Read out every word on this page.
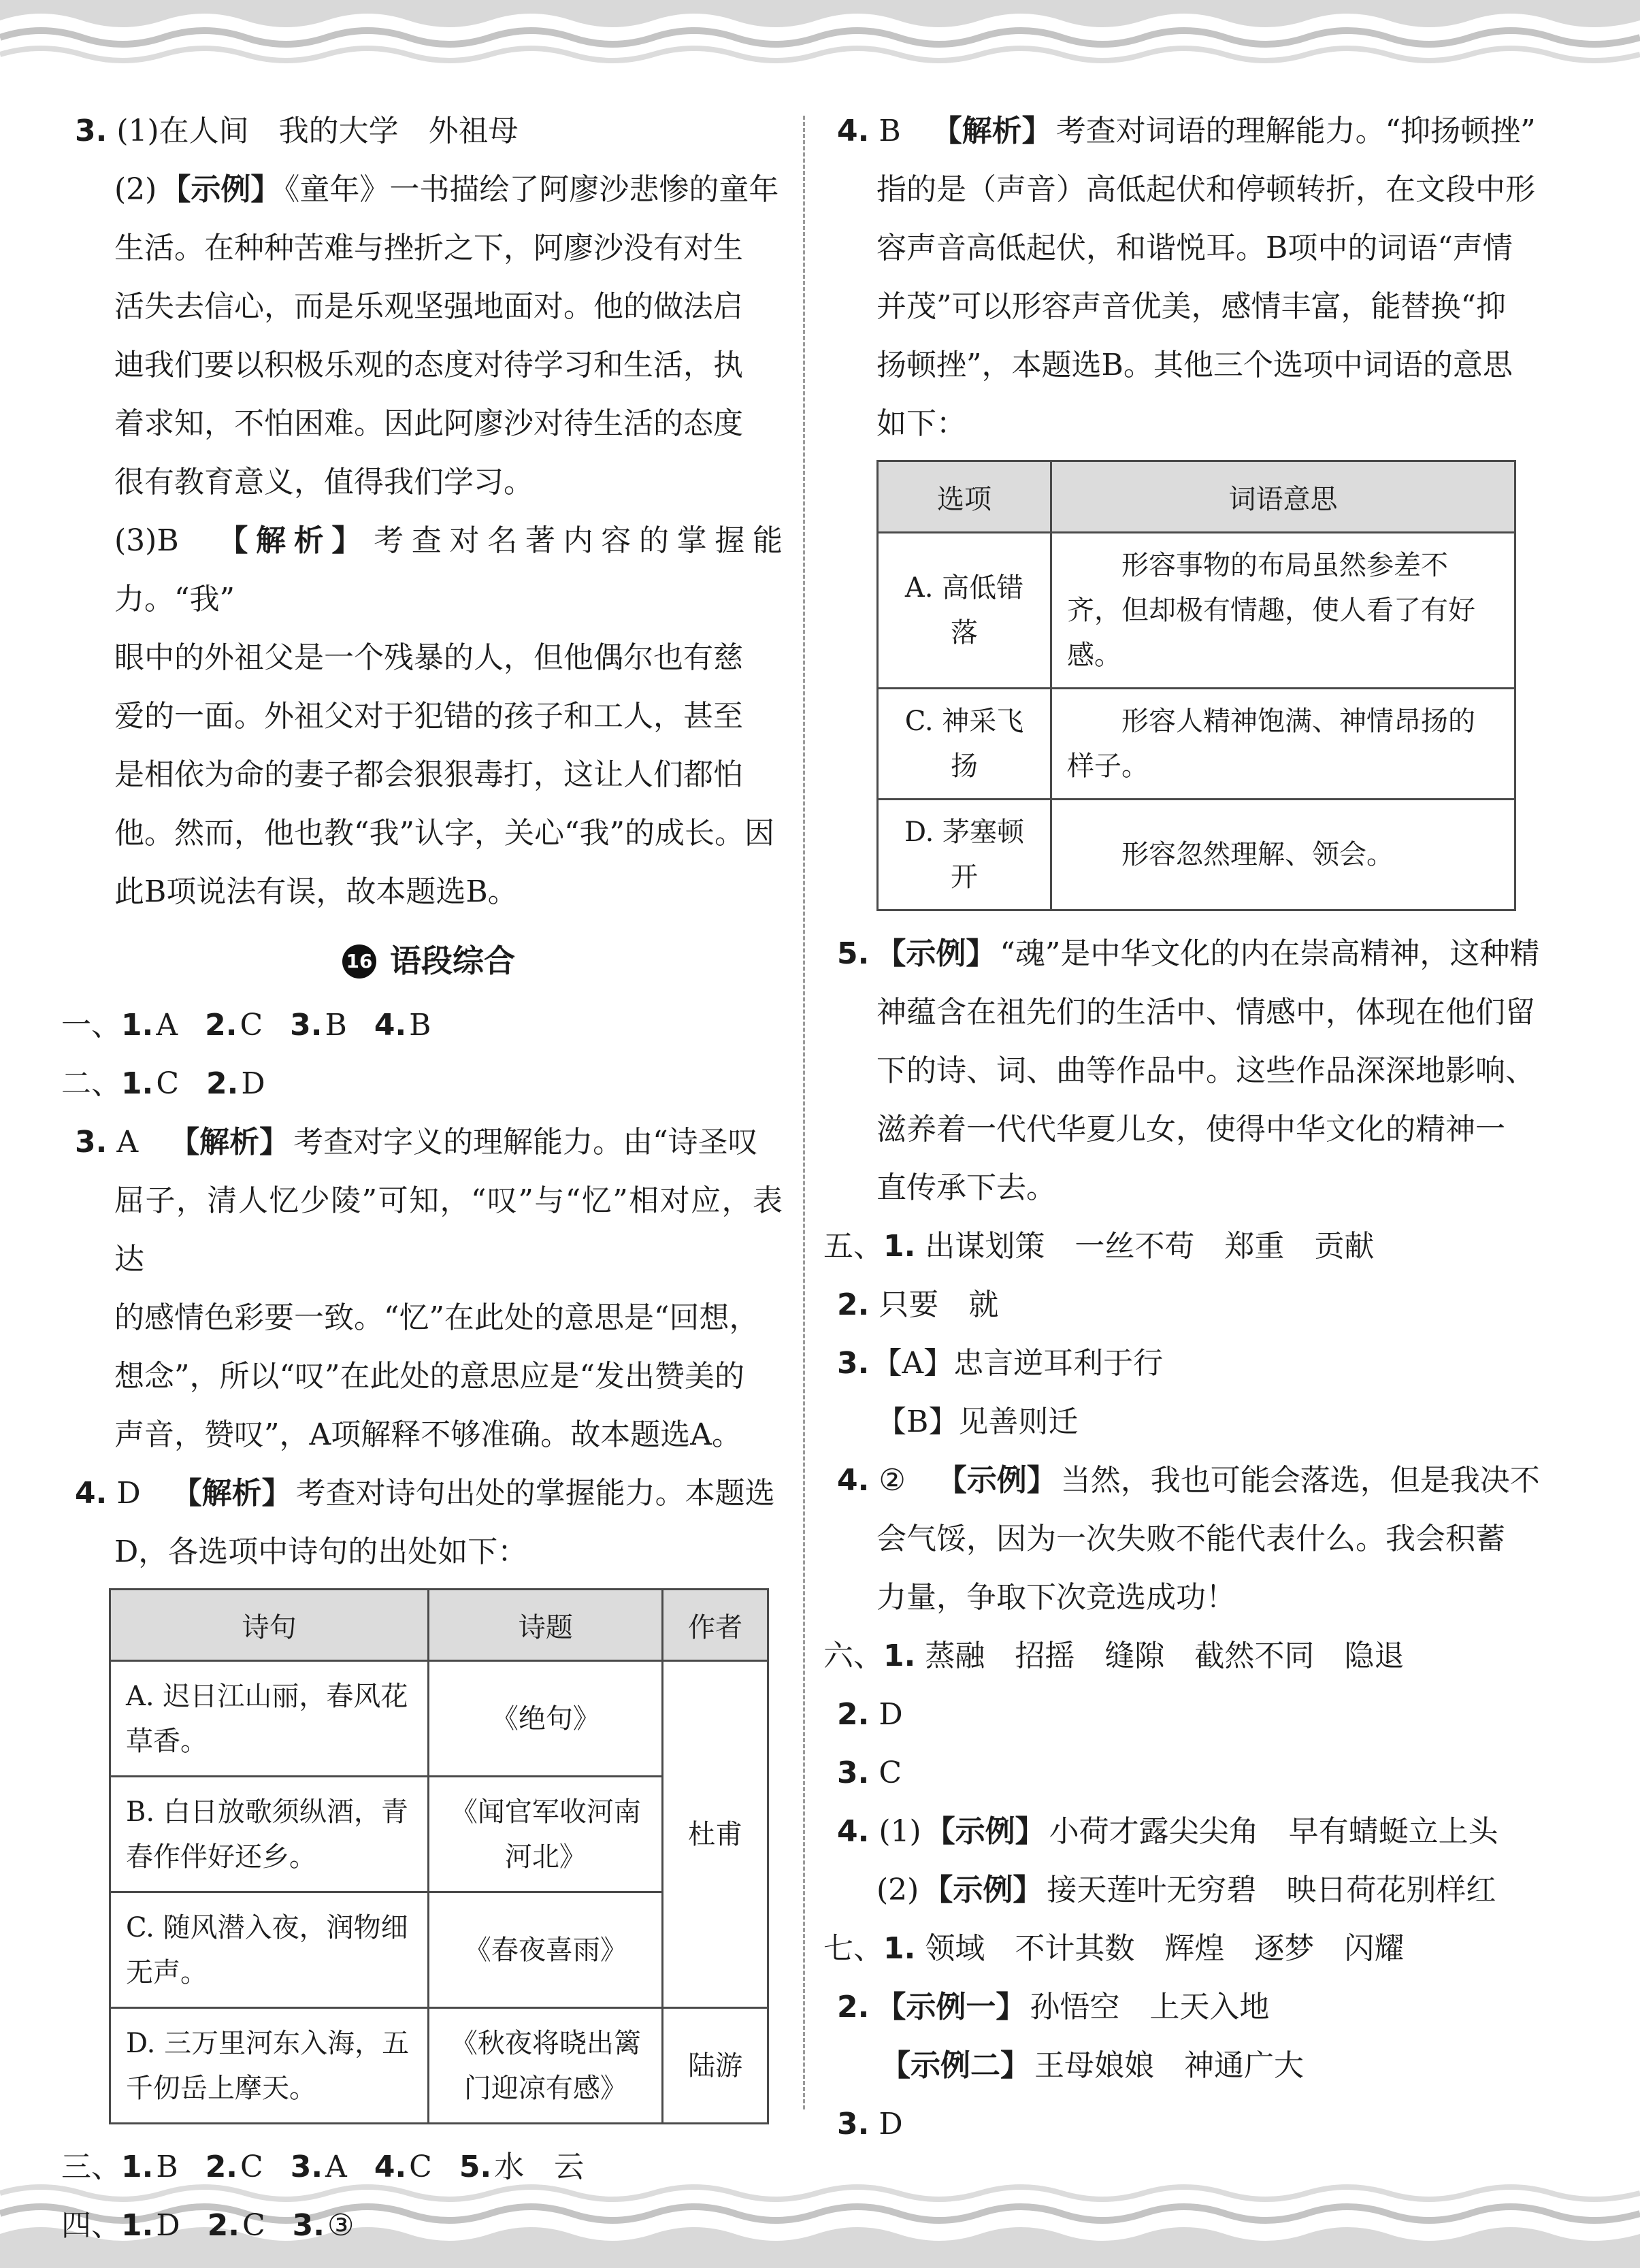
3. (1)在人间　我的大学　外祖母

(2) 【示例】 《童年》一书描绘了阿廖沙悲惨的童年

生活。在种种苦难与挫折之下，阿廖沙没有对生

活失去信心，而是乐观坚强地面对。他的做法启

迪我们要以积极乐观的态度对待学习和生活，执

着求知，不怕困难。因此阿廖沙对待生活的态度

很有教育意义，值得我们学习。

(3)B 【解析】 考查对名著内容的掌握能力。“我”

眼中的外祖父是一个残暴的人，但他偶尔也有慈

爱的一面。外祖父对于犯错的孩子和工人，甚至

是相依为命的妻子都会狠狠毒打，这让人们都怕

他。然而，他也教“我”认字，关心“我”的成长。因

此B项说法有误，故本题选B。

16 语段综合

一、1.A 2.C 3.B 4.B

二、1.C 2.D

3. A 【解析】 考查对字义的理解能力。由“诗圣叹

屈子，清人忆少陵”可知，“叹”与“忆”相对应，表达

的感情色彩要一致。“忆”在此处的意思是“回想，

想念”，所以“叹”在此处的意思应是“发出赞美的

声音，赞叹”，A项解释不够准确。故本题选A。

4. D 【解析】 考查对诗句出处的掌握能力。本题选

D，各选项中诗句的出处如下：

诗句	诗题	作者
A. 迟日江山丽，春风花草香。	《绝句》	杜甫
B. 白日放歌须纵酒，青春作伴好还乡。	《闻官军收河南河北》	
C. 随风潜入夜，润物细无声。	《春夜喜雨》	
D. 三万里河东入海，五千仞岳上摩天。	《秋夜将晓出篱门迎凉有感》	陆游

三、1.B 2.C 3.A 4.C 5.水　云

四、1.D 2.C 3.③

4. B 【解析】 考查对词语的理解能力。“抑扬顿挫”

指的是（声音）高低起伏和停顿转折，在文段中形

容声音高低起伏，和谐悦耳。B项中的词语“声情

并茂”可以形容声音优美，感情丰富，能替换“抑

扬顿挫”，本题选B。其他三个选项中词语的意思

如下：

选项	词语意思
A. 高低错落	形容事物的布局虽然参差不齐，但却极有情趣，使人看了有好感。
C. 神采飞扬	形容人精神饱满、神情昂扬的样子。
D. 茅塞顿开	形容忽然理解、领会。

5. 【示例】 “魂”是中华文化的内在崇高精神，这种精

神蕴含在祖先们的生活中、情感中，体现在他们留

下的诗、词、曲等作品中。这些作品深深地影响、

滋养着一代代华夏儿女，使得中华文化的精神一

直传承下去。

五、1. 出谋划策　一丝不苟　郑重　贡献

2. 只要　就

3.【A】忠言逆耳利于行

【B】见善则迁

4. ② 【示例】 当然，我也可能会落选，但是我决不

会气馁，因为一次失败不能代表什么。我会积蓄

力量，争取下次竞选成功！

六、1. 蒸融　招摇　缝隙　截然不同　隐退

2. D

3. C

4. (1) 【示例】 小荷才露尖尖角　早有蜻蜓立上头

(2) 【示例】 接天莲叶无穷碧　映日荷花别样红

七、1. 领域　不计其数　辉煌　逐梦　闪耀

2. 【示例一】 孙悟空　上天入地

【示例二】 王母娘娘　神通广大

3. D
